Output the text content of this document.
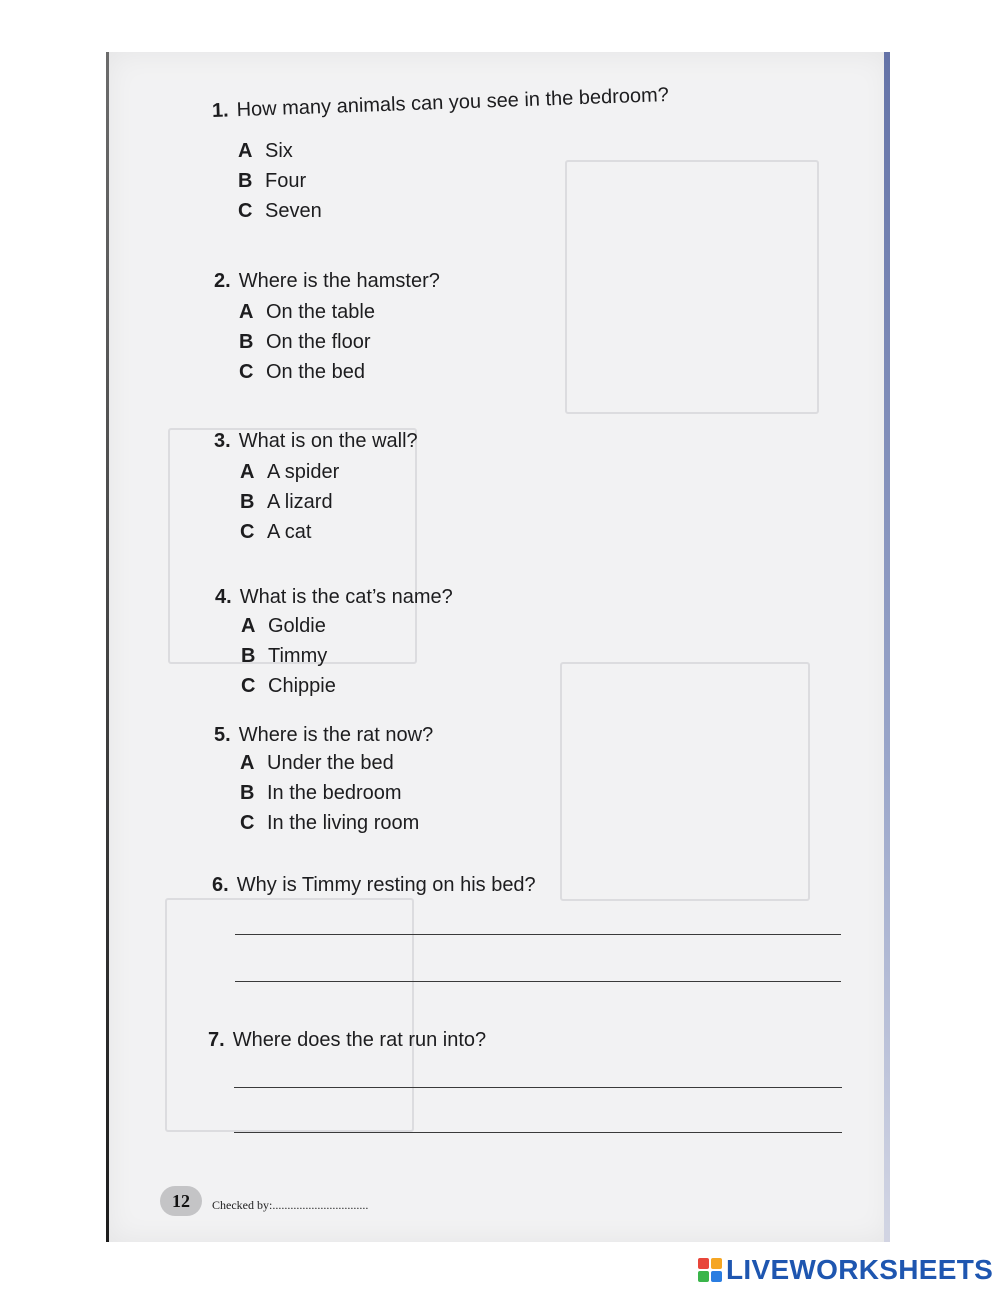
1. How many animals can you see in the bedroom?
A Six
B Four
C Seven
2. Where is the hamster?
A On the table
B On the floor
C On the bed
3. What is on the wall?
A A spider
B A lizard
C A cat
4. What is the cat’s name?
A Goldie
B Timmy
C Chippie
5. Where is the rat now?
A Under the bed
B In the bedroom
C In the living room
6. Why is Timmy resting on his bed?
7. Where does the rat run into?
12	Checked by:................................
LIVEWORKSHEETS
